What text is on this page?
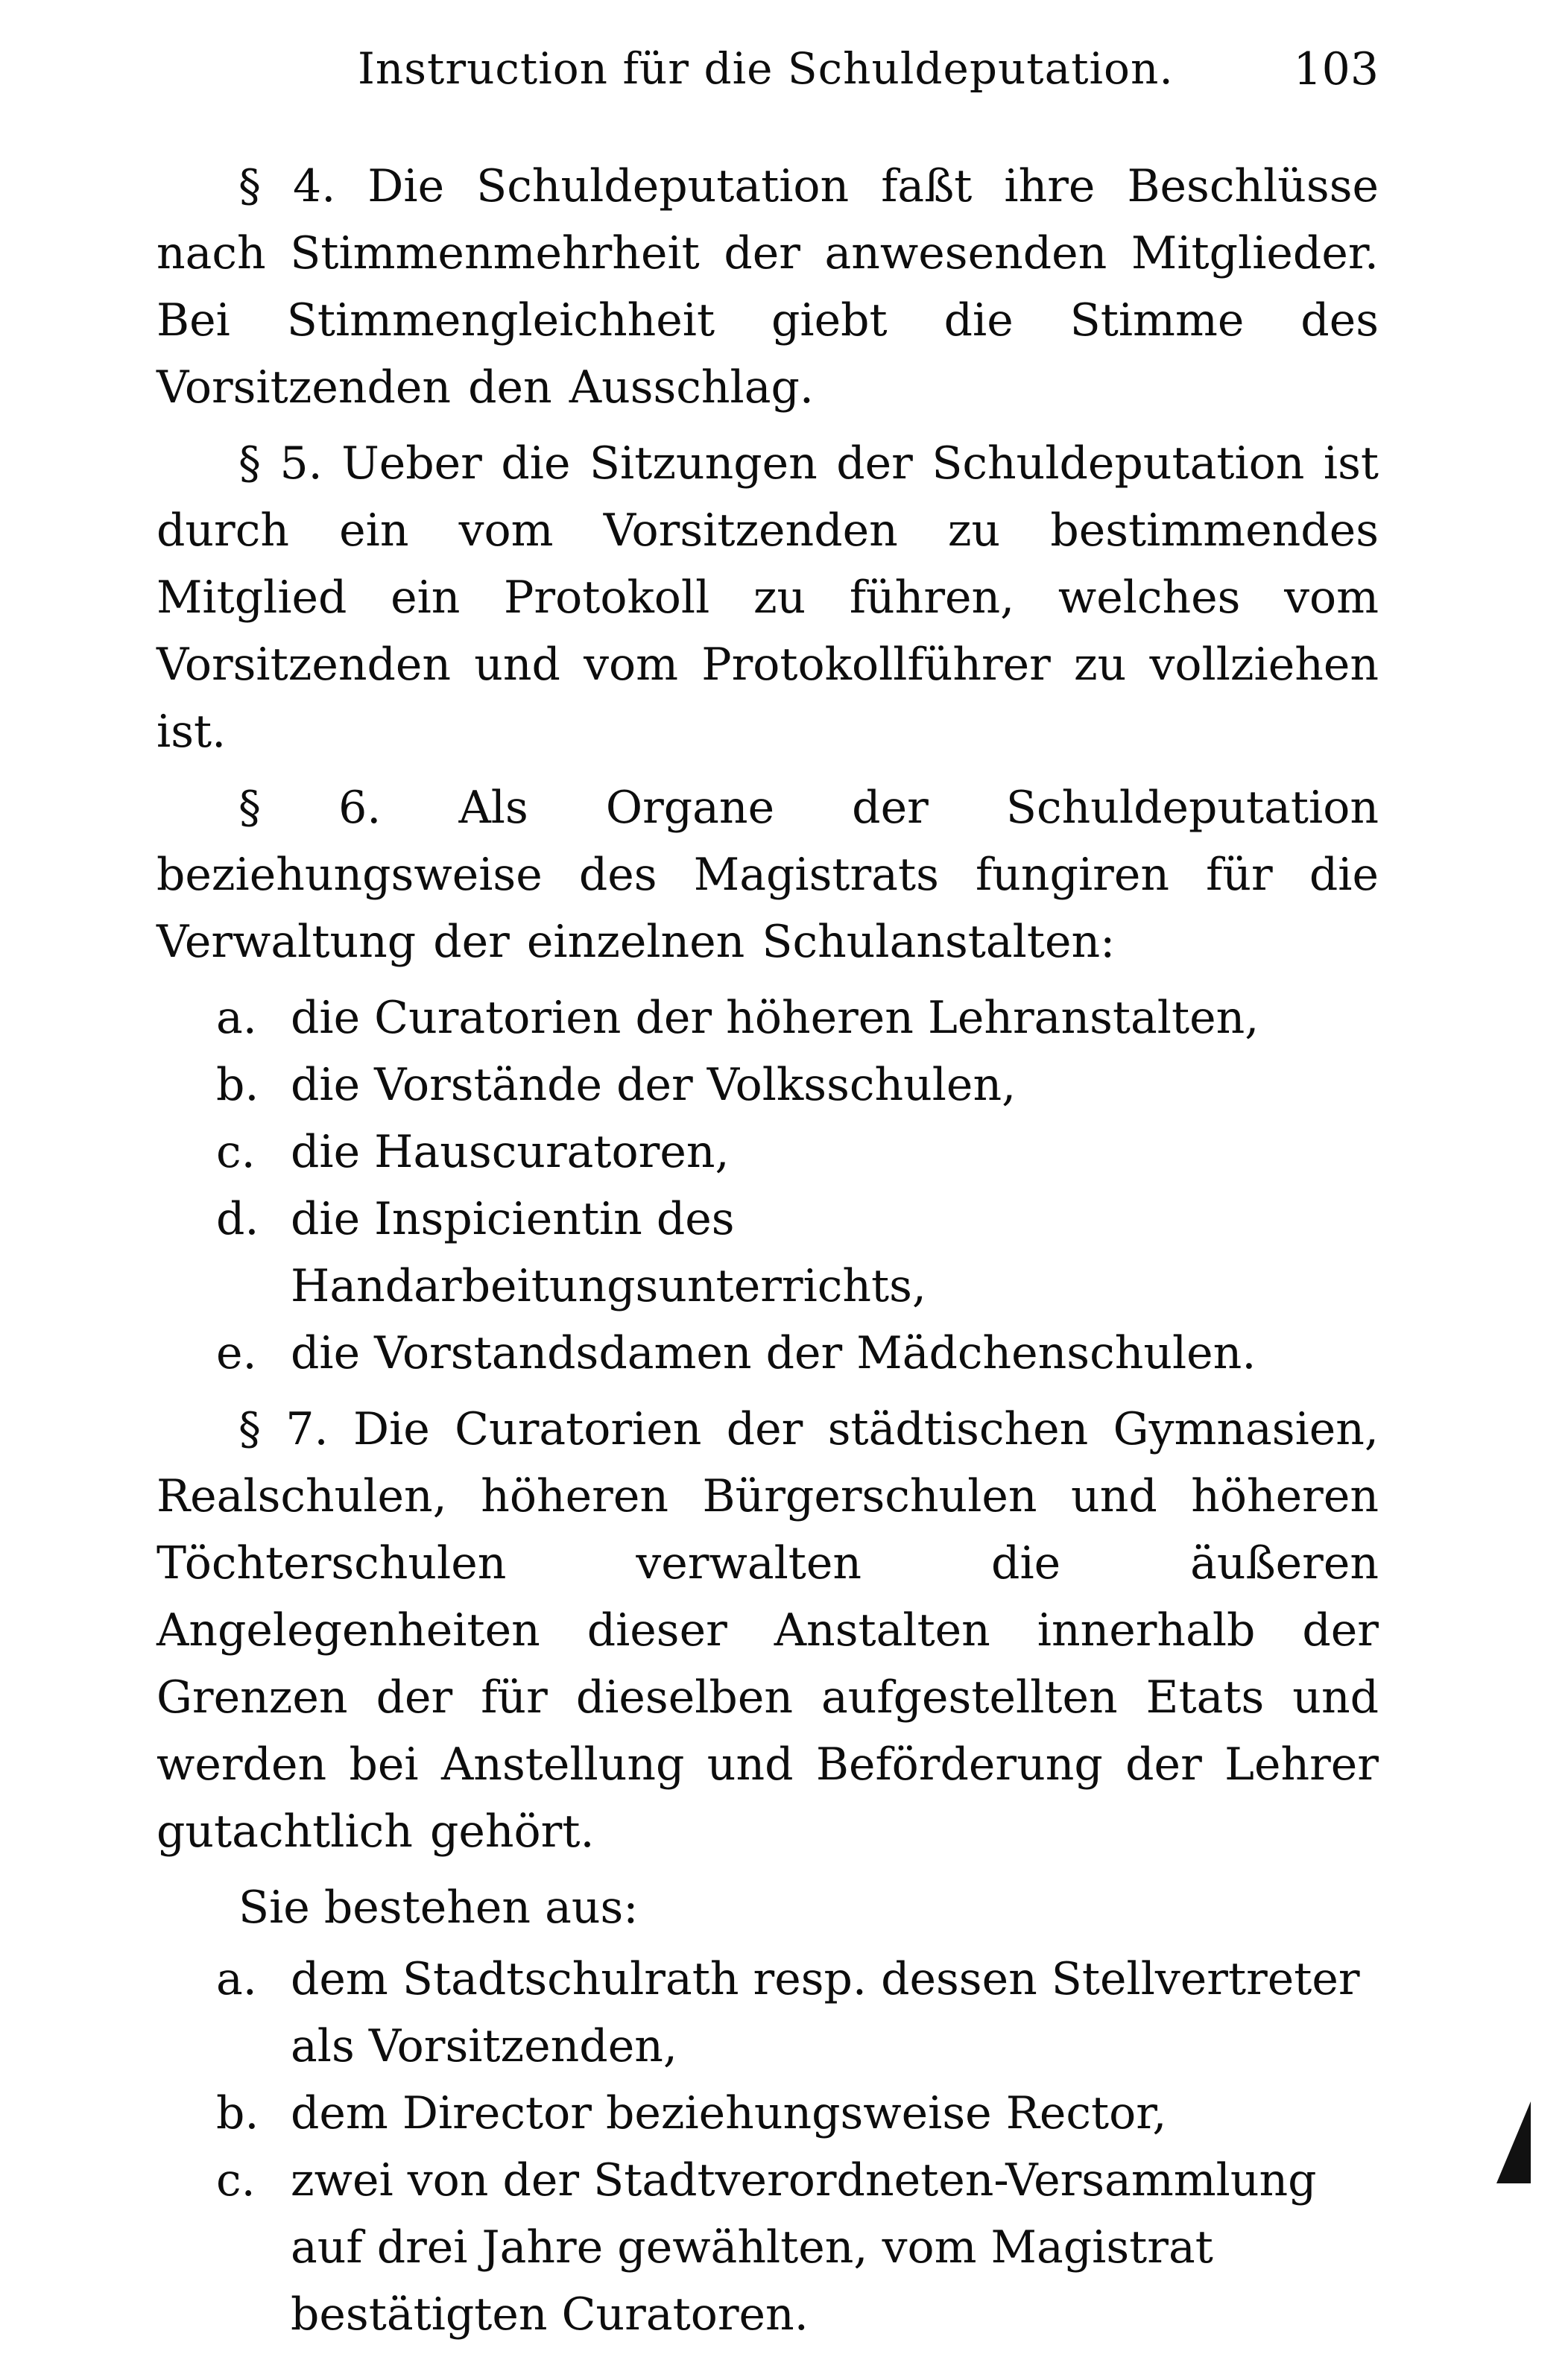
Instruction für die Schuldeputation.	103

§ 4. Die Schuldeputation faßt ihre Beschlüsse nach Stimmenmehrheit der anwesenden Mitglieder. Bei Stimmengleichheit giebt die Stimme des Vorsitzenden den Ausschlag.

§ 5. Ueber die Sitzungen der Schuldeputation ist durch ein vom Vorsitzenden zu bestimmendes Mitglied ein Protokoll zu führen, welches vom Vorsitzenden und vom Protokollführer zu vollziehen ist.

§ 6. Als Organe der Schuldeputation beziehungsweise des Magistrats fungiren für die Verwaltung der einzelnen Schulanstalten:

a. die Curatorien der höheren Lehranstalten,
b. die Vorstände der Volksschulen,
c. die Hauscuratoren,
d. die Inspicientin des Handarbeitungsunterrichts,
e. die Vorstandsdamen der Mädchenschulen.

§ 7. Die Curatorien der städtischen Gymnasien, Realschulen, höheren Bürgerschulen und höheren Töchterschulen verwalten die äußeren Angelegenheiten dieser Anstalten innerhalb der Grenzen der für dieselben aufgestellten Etats und werden bei Anstellung und Beförderung der Lehrer gutachtlich gehört.

Sie bestehen aus:

a. dem Stadtschulrath resp. dessen Stellvertreter als Vorsitzenden,
b. dem Director beziehungsweise Rector,
c. zwei von der Stadtverordneten-Versammlung auf drei Jahre gewählten, vom Magistrat bestätigten Curatoren.
